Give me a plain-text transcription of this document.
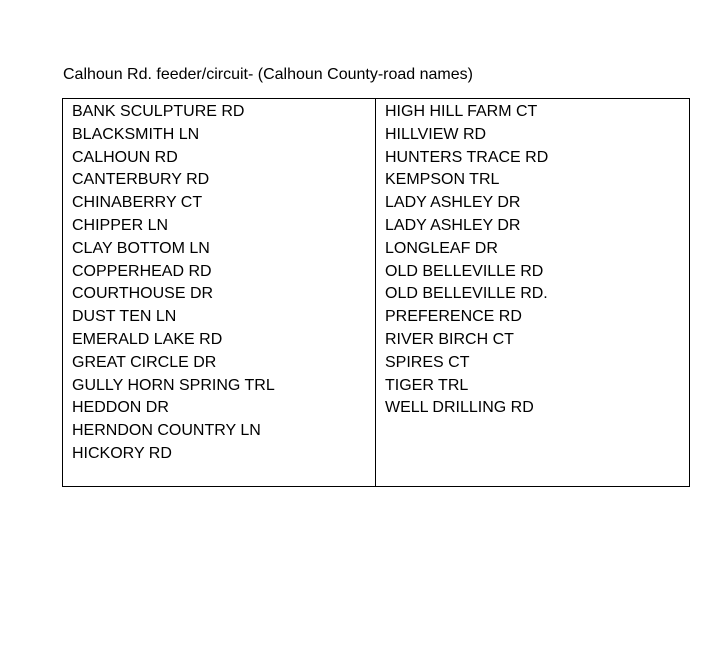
Calhoun Rd. feeder/circuit- (Calhoun County-road names)
BANK SCULPTURE RD
BLACKSMITH LN
CALHOUN RD
CANTERBURY RD
CHINABERRY CT
CHIPPER LN
CLAY BOTTOM LN
COPPERHEAD RD
COURTHOUSE DR
DUST TEN LN
EMERALD LAKE RD
GREAT CIRCLE DR
GULLY HORN SPRING TRL
HEDDON DR
HERNDON COUNTRY LN
HICKORY RD

HIGH HILL FARM CT
HILLVIEW RD
HUNTERS TRACE RD
KEMPSON TRL
LADY ASHLEY DR
LADY ASHLEY DR
LONGLEAF DR
OLD BELLEVILLE RD
OLD BELLEVILLE RD.
PREFERENCE RD
RIVER BIRCH CT
SPIRES CT
TIGER TRL
WELL DRILLING RD
